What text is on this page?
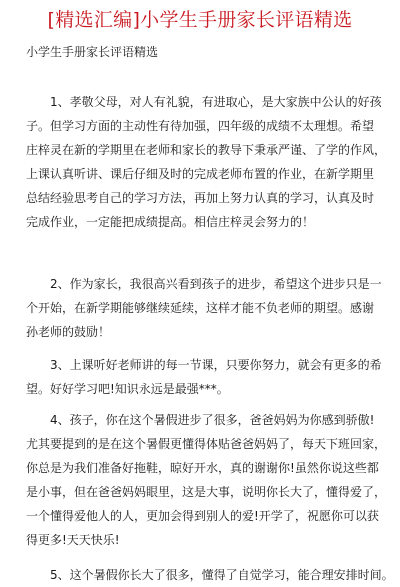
[精选汇编]小学生手册家长评语精选
小学生手册家长评语精选
1、孝敬父母，对人有礼貌，有进取心，是大家族中公认的好孩
子。但学习方面的主动性有待加强，四年级的成绩不太理想。希望
庄梓灵在新的学期里在老师和家长的教导下秉承严谨、了学的作风，
上课认真听讲、课后仔细及时的完成老师布置的作业，在新学期里
总结经验思考自己的学习方法，再加上努力认真的学习，认真及时
完成作业，一定能把成绩提高。相信庄梓灵会努力的！
2、作为家长，我很高兴看到孩子的进步，希望这个进步只是一
个开始，在新学期能够继续延续，这样才能不负老师的期望。感谢
孙老师的鼓励！
3、上课听好老师讲的每一节课，只要你努力，就会有更多的希
望。好好学习吧!知识永远是最强***。
4、孩子，你在这个暑假进步了很多，爸爸妈妈为你感到骄傲!
尤其要提到的是在这个暑假更懂得体贴爸爸妈妈了，每天下班回家，
你总是为我们准备好拖鞋，晾好开水，真的谢谢你!虽然你说这些都
是小事，但在爸爸妈妈眼里，这是大事，说明你长大了，懂得爱了，
一个懂得爱他人的人，更加会得到别人的爱!开学了，祝愿你可以获
得更多!天天快乐!
5、这个暑假你长大了很多，懂得了自觉学习，能合理安排时间。
